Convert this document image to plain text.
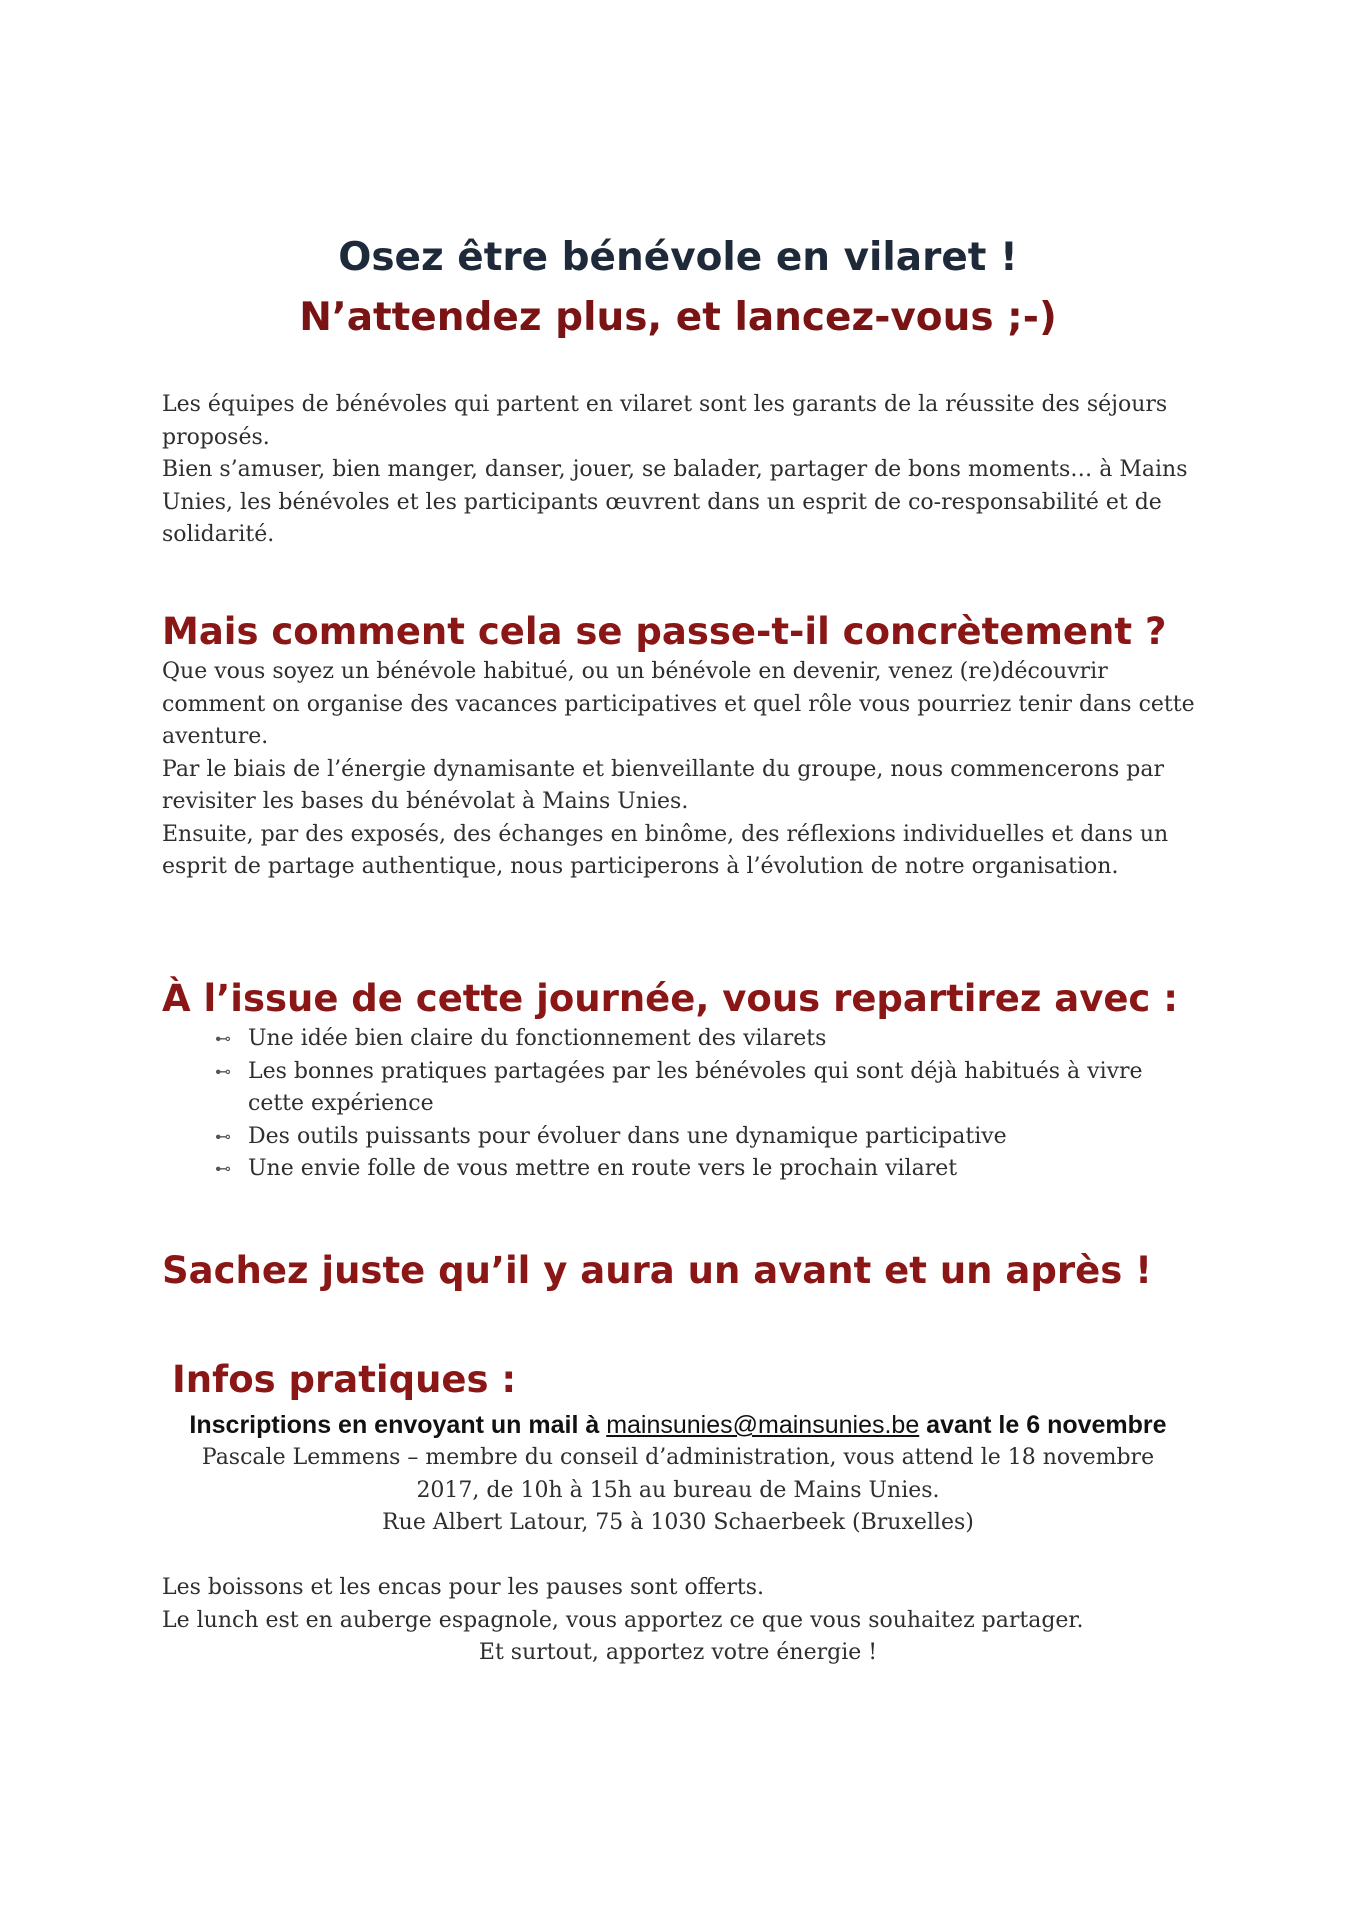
Osez être bénévole en vilaret !
N’attendez plus, et lancez-vous ;-)

Les équipes de bénévoles qui partent en vilaret sont les garants de la réussite des séjours proposés.

Bien s’amuser, bien manger, danser, jouer, se balader, partager de bons moments… à Mains Unies, les bénévoles et les participants œuvrent dans un esprit de co-responsabilité et de solidarité.

Mais comment cela se passe-t-il concrètement ?

Que vous soyez un bénévole habitué, ou un bénévole en devenir, venez (re)découvrir comment on organise des vacances participatives et quel rôle vous pourriez tenir dans cette aventure.

Par le biais de l’énergie dynamisante et bienveillante du groupe, nous commencerons par revisiter les bases du bénévolat à Mains Unies.

Ensuite, par des exposés, des échanges en binôme, des réflexions individuelles et dans un esprit de partage authentique, nous participerons à l’évolution de notre organisation.

À l’issue de cette journée, vous repartirez avec :
⊷ Une idée bien claire du fonctionnement des vilarets
⊷ Les bonnes pratiques partagées par les bénévoles qui sont déjà habitués à vivre cette expérience
⊷ Des outils puissants pour évoluer dans une dynamique participative
⊷ Une envie folle de vous mettre en route vers le prochain vilaret
Sachez juste qu’il y aura un avant et un après !
Infos pratiques :

Inscriptions en envoyant un mail à mainsunies@mainsunies.be avant le 6 novembre

Pascale Lemmens – membre du conseil d’administration, vous attend le 18 novembre

2017, de 10h à 15h au bureau de Mains Unies.

Rue Albert Latour, 75 à 1030 Schaerbeek (Bruxelles)

Les boissons et les encas pour les pauses sont offerts.

Le lunch est en auberge espagnole, vous apportez ce que vous souhaitez partager.

Et surtout, apportez votre énergie !
